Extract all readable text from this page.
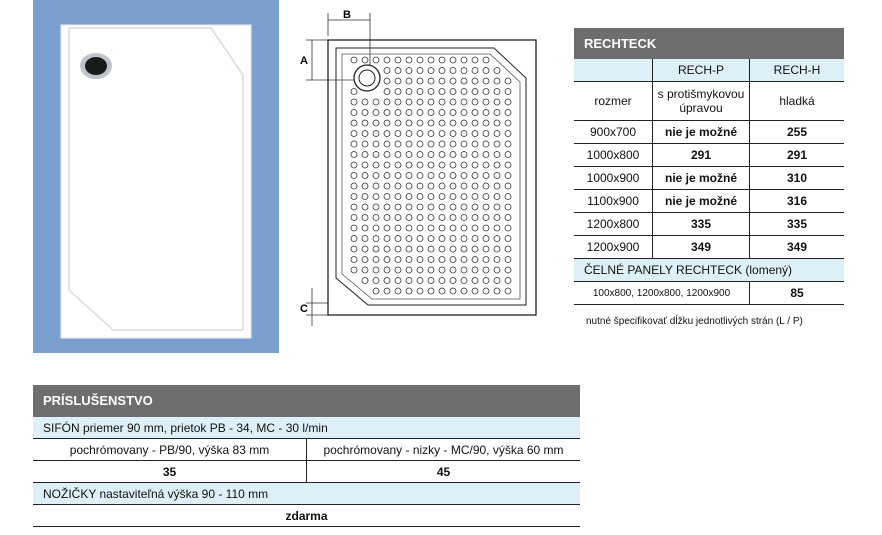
B
A
C
RECHTECK
	RECH-P	RECH-H
rozmer	s protišmykovou úpravou	hladká
900x700	nie je možné	255
1000x800	291	291
1000x900	nie je možné	310
1100x900	nie je možné	316
1200x800	335	335
1200x900	349	349
ČELNÉ PANELY RECHTECK (lomený)		
100x800, 1200x800, 1200x900		85
nutné špecifikovať dĺžku jednotlivých strán (L / P)
PRÍSLUŠENSTVO
SIFÓN priemer 90 mm, prietok PB - 34, MC - 30 l/min	
pochrómovany - PB/90, výška 83 mm	pochrómovany - nizky - MC/90, výška 60 mm
35	45
NOŽIČKY nastaviteľná výška 90 - 110 mm	
zdarma	
